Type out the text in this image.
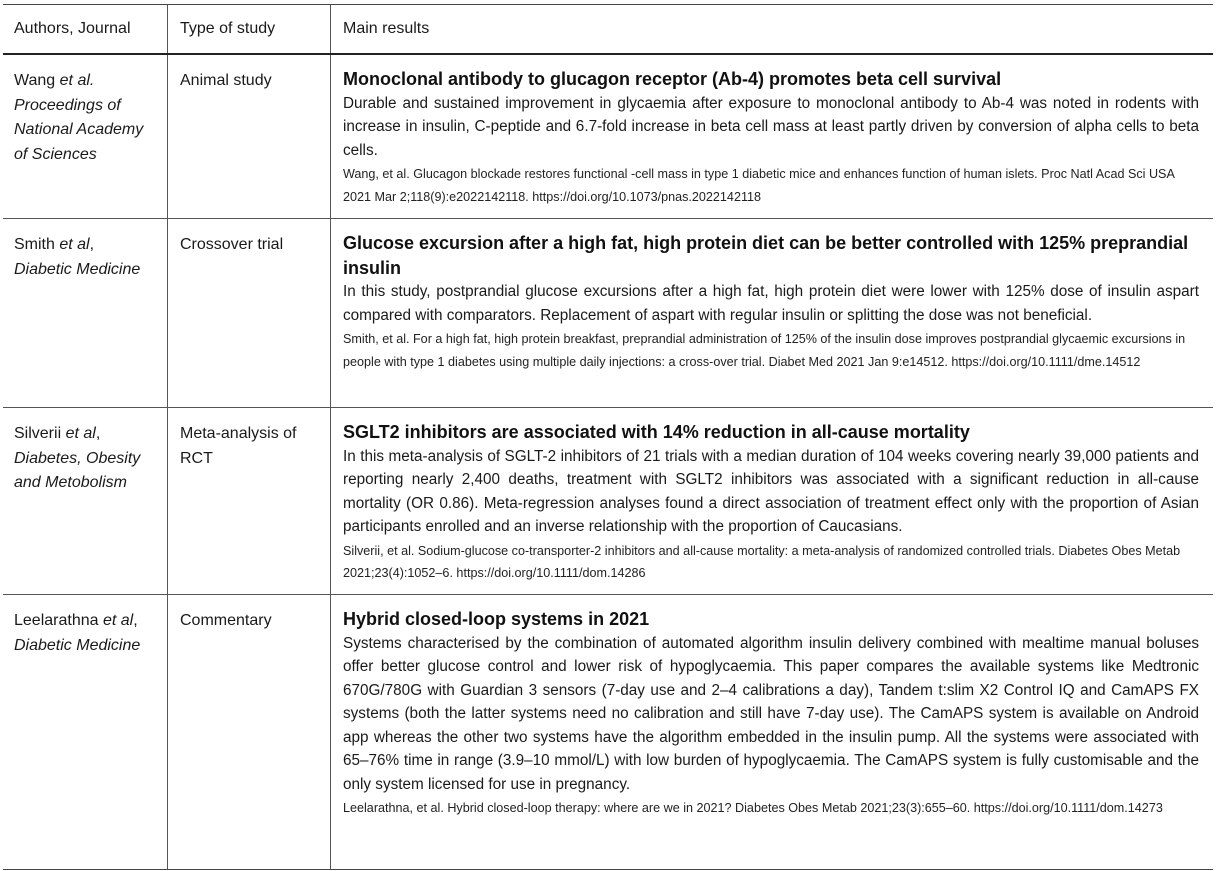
Authors, Journal	Type of study	Main results
Wang et al.
Proceedings of National Academy of Sciences
Animal study	Monoclonal antibody to glucagon receptor (Ab-4) promotes beta cell survival
Durable and sustained improvement in glycaemia after exposure to monoclonal antibody to Ab-4 was noted in rodents with increase in insulin, C-peptide and 6.7-fold increase in beta cell mass at least partly driven by conversion of alpha cells to beta cells.
Wang, et al. Glucagon blockade restores functional -cell mass in type 1 diabetic mice and enhances function of human islets. Proc Natl Acad Sci USA 2021 Mar 2;118(9):e2022142118. https://doi.org/10.1073/pnas.2022142118
Smith et al,
Diabetic Medicine
Crossover trial	Glucose excursion after a high fat, high protein diet can be better controlled with 125% preprandial insulin
In this study, postprandial glucose excursions after a high fat, high protein diet were lower with 125% dose of insulin aspart compared with comparators. Replacement of aspart with regular insulin or splitting the dose was not beneficial.
Smith, et al. For a high fat, high protein breakfast, preprandial administration of 125% of the insulin dose improves postprandial glycaemic excursions in people with type 1 diabetes using multiple daily injections: a cross-over trial. Diabet Med 2021 Jan 9:e14512. https://doi.org/10.1111/dme.14512
Silverii et al,
Diabetes, Obesity and Metobolism
Meta-analysis of RCT
SGLT2 inhibitors are associated with 14% reduction in all-cause mortality
In this meta-analysis of SGLT-2 inhibitors of 21 trials with a median duration of 104 weeks covering nearly 39,000 patients and reporting nearly 2,400 deaths, treatment with SGLT2 inhibitors was associated with a significant reduction in all-cause mortality (OR 0.86). Meta-regression analyses found a direct association of treatment effect only with the proportion of Asian participants enrolled and an inverse relationship with the proportion of Caucasians.
Silverii, et al. Sodium-glucose co-transporter-2 inhibitors and all-cause mortality: a meta-analysis of randomized controlled trials. Diabetes Obes Metab 2021;23(4):1052–6. https://doi.org/10.1111/dom.14286
Leelarathna et al,
Diabetic Medicine
Commentary	Hybrid closed-loop systems in 2021
Systems characterised by the combination of automated algorithm insulin delivery combined with mealtime manual boluses offer better glucose control and lower risk of hypoglycaemia. This paper compares the available systems like Medtronic 670G/780G with Guardian 3 sensors (7-day use and 2–4 calibrations a day), Tandem t:slim X2 Control IQ and CamAPS FX systems (both the latter systems need no calibration and still have 7-day use). The CamAPS system is available on Android app whereas the other two systems have the algorithm embedded in the insulin pump. All the systems were associated with 65–76% time in range (3.9–10 mmol/L) with low burden of hypoglycaemia. The CamAPS system is fully customisable and the only system licensed for use in pregnancy.
Leelarathna, et al. Hybrid closed-loop therapy: where are we in 2021? Diabetes Obes Metab 2021;23(3):655–60. https://doi.org/10.1111/dom.14273
